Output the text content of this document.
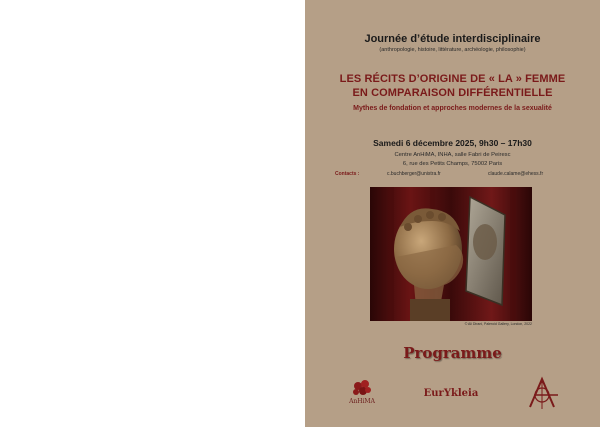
Journée d’étude interdisciplinaire
(anthropologie, histoire, littérature, archéologie, philosophie)
LES RÉCITS D’ORIGINE DE « LA » FEMME
EN COMPARAISON DIFFÉRENTIELLE
Mythes de fondation et approches modernes de la sexualité
Samedi 6 décembre 2025, 9h30 – 17h30
Centre AnHiMA, INHA, salle Fabri de Peiresc
6, rue des Petits Champs, 75002 Paris
Contacts :	c.buchberger@unistra.fr	claude.calame@ehess.fr
© Ali Dirani, Paleroid Gallery, London, 2022
Programme
AnHiMA
EurYkleia
